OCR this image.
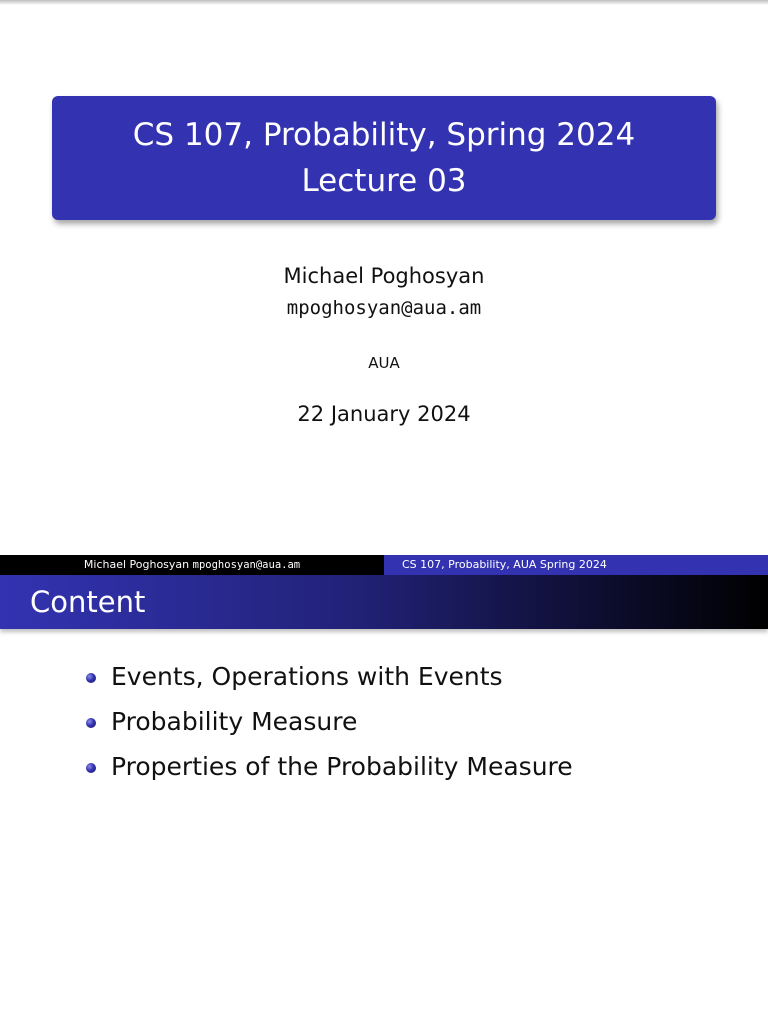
CS 107, Probability, Spring 2024
Lecture 03
Michael Poghosyan
mpoghosyan@aua.am
AUA
22 January 2024
Michael Poghosyan mpoghosyan@aua.am	CS 107, Probability, AUA Spring 2024
Content
Events, Operations with Events
Probability Measure
Properties of the Probability Measure
